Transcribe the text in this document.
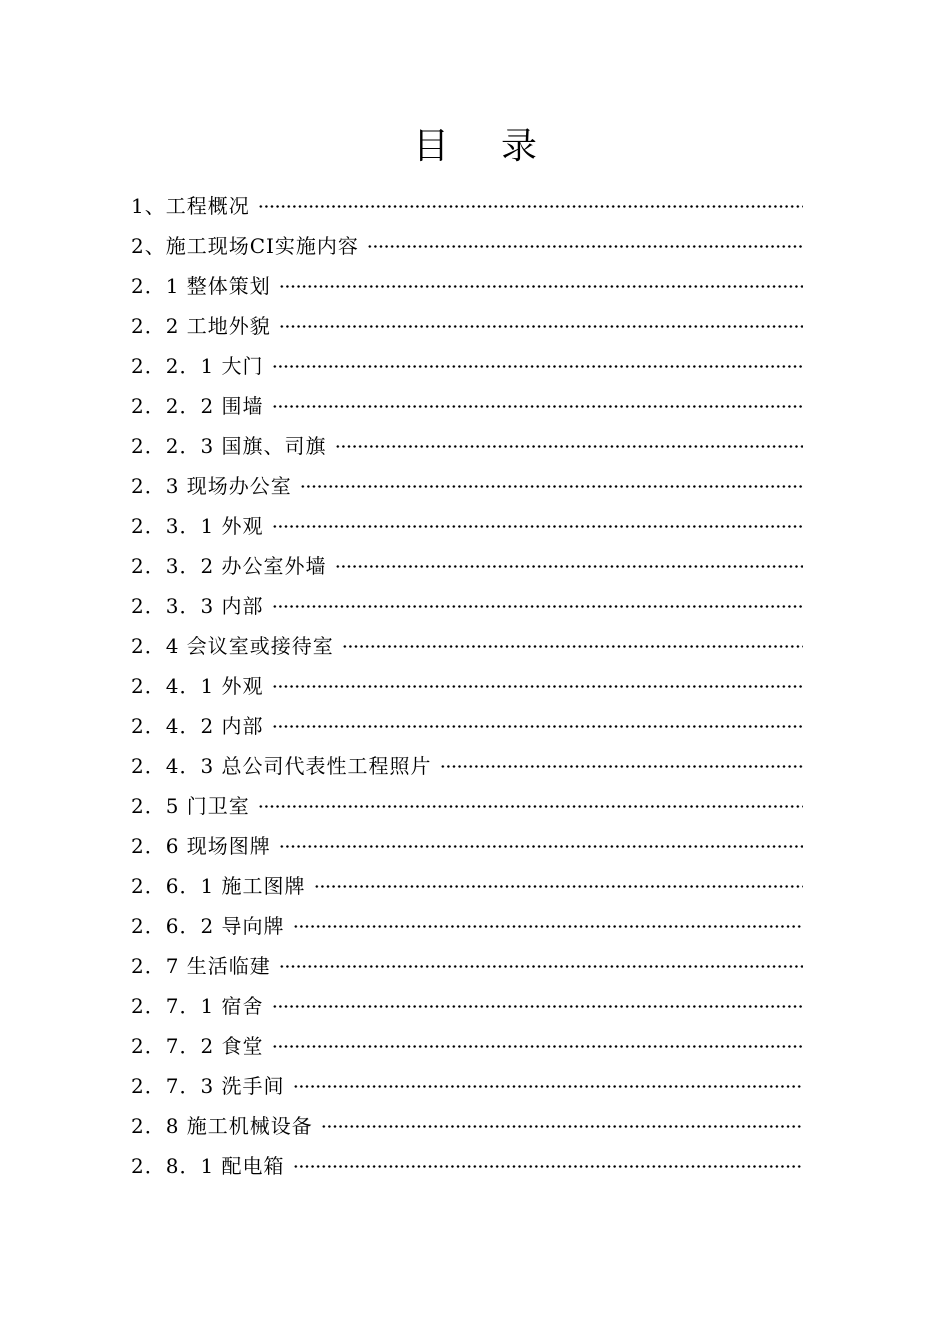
目录
1、工程概况
2、施工现场CI实施内容
2．1 整体策划
2．2 工地外貌
2．2．1 大门
2．2．2 围墙
2．2．3 国旗、司旗
2．3 现场办公室
2．3．1 外观
2．3．2 办公室外墙
2．3．3 内部
2．4 会议室或接待室
2．4．1 外观
2．4．2 内部
2．4．3 总公司代表性工程照片
2．5 门卫室
2．6 现场图牌
2．6．1 施工图牌
2．6．2 导向牌
2．7 生活临建
2．7．1 宿舍
2．7．2 食堂
2．7．3 洗手间
2．8 施工机械设备
2．8．1 配电箱
